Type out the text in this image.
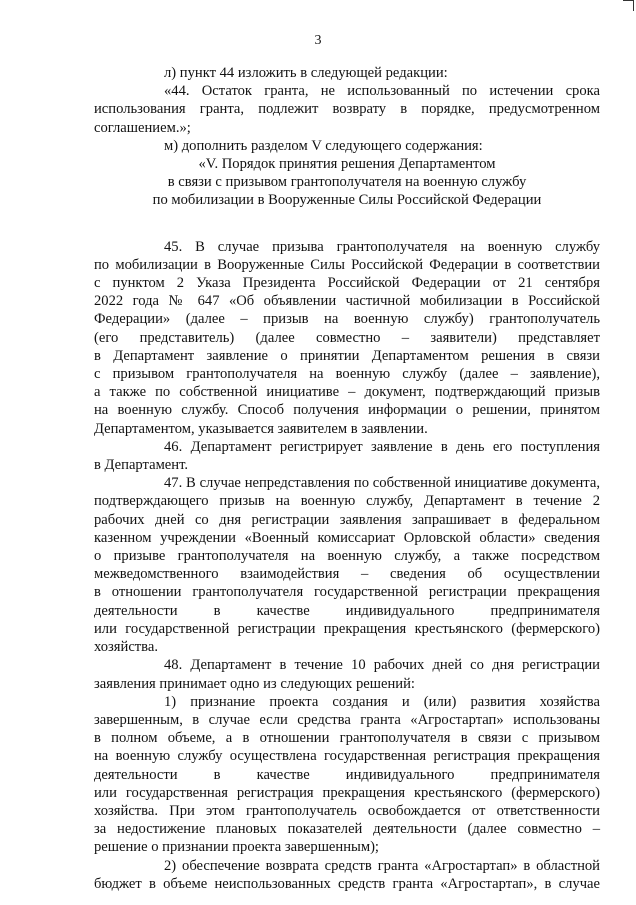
3
л) пункт 44 изложить в следующей редакции:
«44. Остаток гранта, не использованный по истечении срока
использования гранта, подлежит возврату в порядке, предусмотренном
соглашением.»;
м) дополнить разделом V следующего содержания:
«V. Порядок принятия решения Департаментом
в связи с призывом грантополучателя на военную службу
по мобилизации в Вооруженные Силы Российской Федерации
45. В случае призыва грантополучателя на военную службу
по мобилизации в Вооруженные Силы Российской Федерации в соответствии
с пунктом 2 Указа Президента Российской Федерации от 21 сентября
2022 года № 647 «Об объявлении частичной мобилизации в Российской
Федерации» (далее – призыв на военную службу) грантополучатель
(его представитель) (далее совместно – заявители) представляет
в Департамент заявление о принятии Департаментом решения в связи
с призывом грантополучателя на военную службу (далее – заявление),
а также по собственной инициативе – документ, подтверждающий призыв
на военную службу. Способ получения информации о решении, принятом
Департаментом, указывается заявителем в заявлении.
46. Департамент регистрирует заявление в день его поступления
в Департамент.
47. В случае непредставления по собственной инициативе документа,
подтверждающего призыв на военную службу, Департамент в течение 2
рабочих дней со дня регистрации заявления запрашивает в федеральном
казенном учреждении «Военный комиссариат Орловской области» сведения
о призыве грантополучателя на военную службу, а также посредством
межведомственного взаимодействия – сведения об осуществлении
в отношении грантополучателя государственной регистрации прекращения
деятельности в качестве индивидуального предпринимателя
или государственной регистрации прекращения крестьянского (фермерского)
хозяйства.
48. Департамент в течение 10 рабочих дней со дня регистрации
заявления принимает одно из следующих решений:
1) признание проекта создания и (или) развития хозяйства
завершенным, в случае если средства гранта «Агростартап» использованы
в полном объеме, а в отношении грантополучателя в связи с призывом
на военную службу осуществлена государственная регистрация прекращения
деятельности в качестве индивидуального предпринимателя
или государственная регистрация прекращения крестьянского (фермерского)
хозяйства. При этом грантополучатель освобождается от ответственности
за недостижение плановых показателей деятельности (далее совместно –
решение о признании проекта завершенным);
2) обеспечение возврата средств гранта «Агростартап» в областной
бюджет в объеме неиспользованных средств гранта «Агростартап», в случае
